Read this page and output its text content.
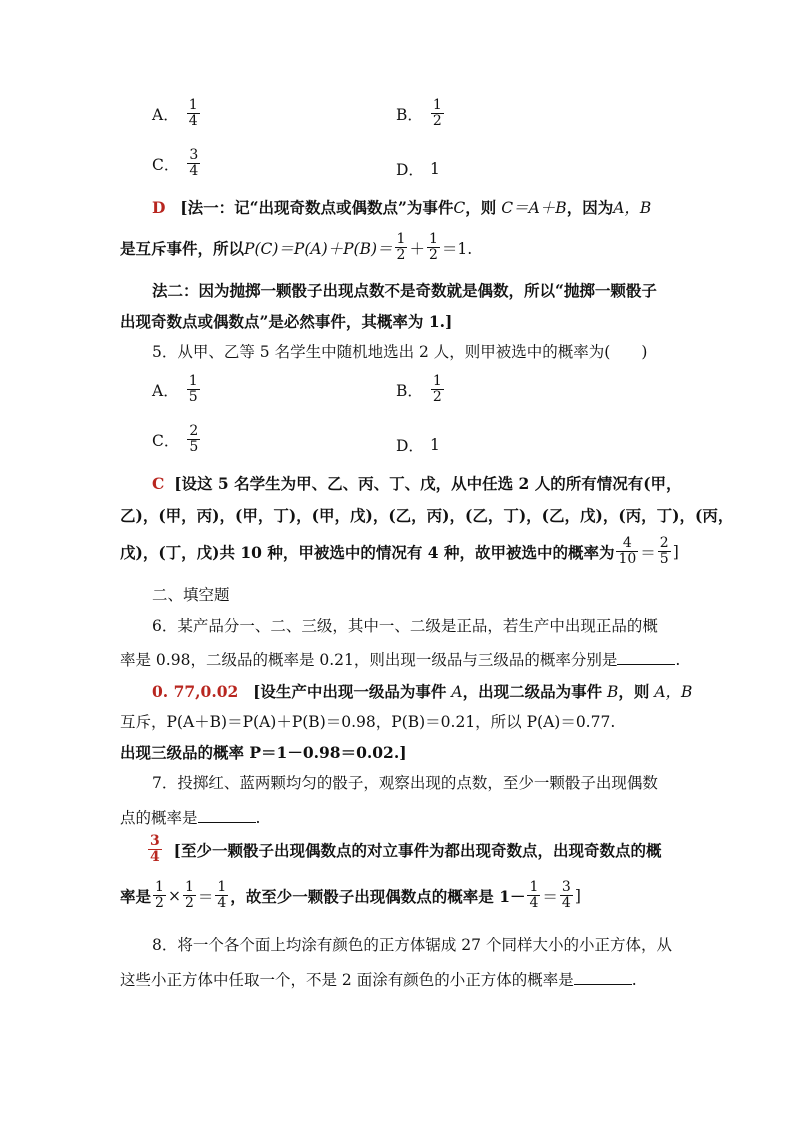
A． $\frac{1}{4}$	B． $\frac{1}{2}$
C． $\frac{3}{4}$	D． 1
D [法一：记“出现奇数点或偶数点”为事件C，则 C＝A＋B，因为A，B
是互斥事件，所以 $P(C)=P(A)+P(B)= \frac{1}{2} + \frac{1}{2} =1$.
法二：因为抛掷一颗骰子出现点数不是奇数就是偶数，所以“抛掷一颗骰子
出现奇数点或偶数点”是必然事件，其概率为 1.]
5．从甲、乙等 5 名学生中随机地选出 2 人，则甲被选中的概率为(　　)
A． $\frac{1}{5}$	B． $\frac{1}{2}$
C． $\frac{2}{5}$	D． 1
C [设这 5 名学生为甲、乙、丙、丁、戊，从中任选 2 人的所有情况有(甲，
乙)，(甲，丙)，(甲，丁)，(甲，戊)，(乙，丙)，(乙，丁)，(乙，戊)，(丙，丁)，(丙，
戊)，(丁，戊)共 10 种，甲被选中的情况有 4 种，故甲被选中的概率为 $\frac{4}{10} = \frac{2}{5}$ ]
二、填空题
6．某产品分一、二、三级，其中一、二级是正品，若生产中出现正品的概
率是 0.98，二级品的概率是 0.21，则出现一级品与三级品的概率分别是	.
0. 77,0.02 [设生产中出现一级品为事件 A，出现二级品为事件 B，则 A，B
互斥，P(A＋B)＝P(A)＋P(B)＝0.98，P(B)＝0.21，所以 P(A)＝0.77.
出现三级品的概率 P＝1－0.98＝0.02.]
7．投掷红、蓝两颗均匀的骰子，观察出现的点数，至少一颗骰子出现偶数
点的概率是	.
$\frac{3}{4}$
[至少一颗骰子出现偶数点的对立事件为都出现奇数点，出现奇数点的概
率是 $\frac{1}{2} \times \frac{1}{2} = \frac{1}{4}$ ，故至少一颗骰子出现偶数点的概率是 $1- \frac{1}{4} = \frac{3}{4}$ ]
8．将一个各个面上均涂有颜色的正方体锯成 27 个同样大小的小正方体，从
这些小正方体中任取一个，不是 2 面涂有颜色的小正方体的概率是	.
